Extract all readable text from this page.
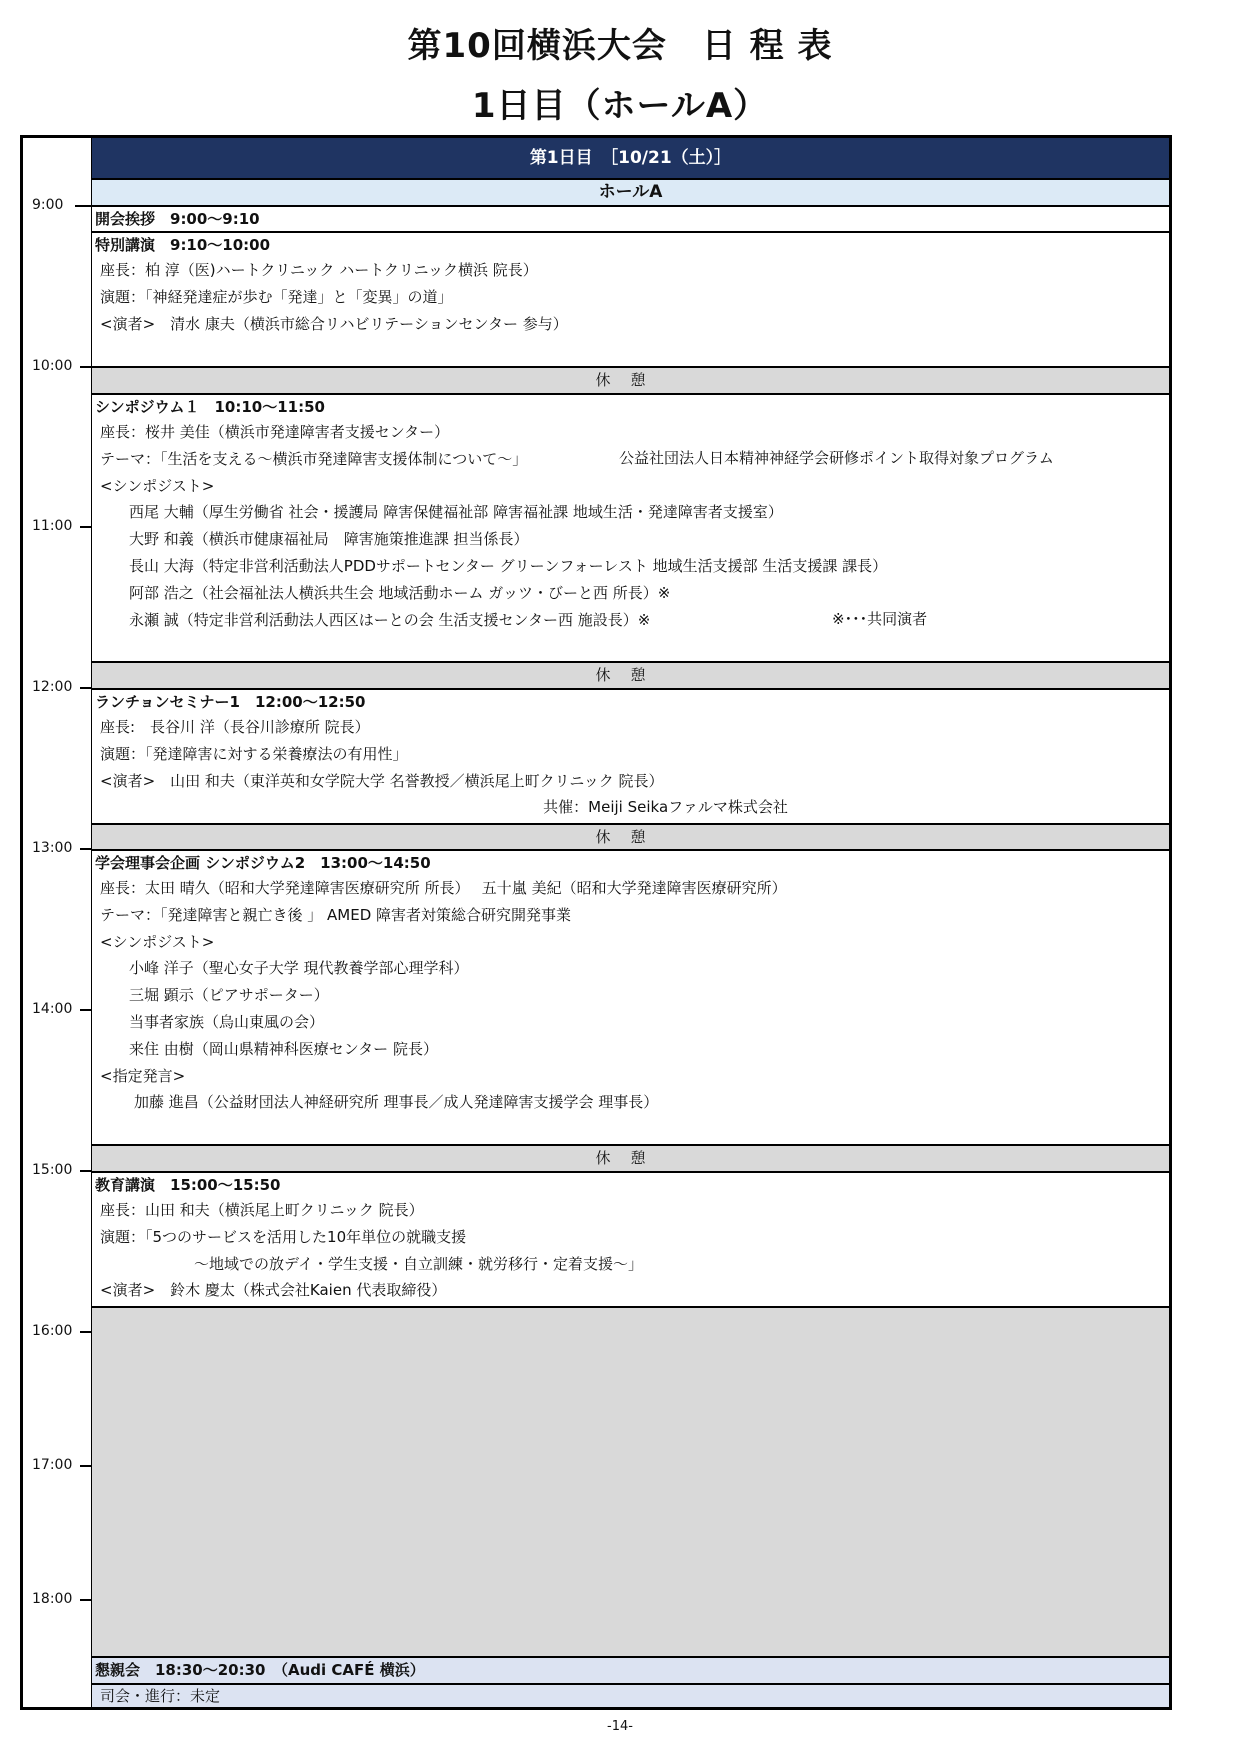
第10回横浜大会　日 程 表
1日目（ホールA）
9:00
10:00
11:00
12:00
13:00
14:00
15:00
16:00
17:00
18:00
第1日目　［10/21（土）］
ホールA
開会挨拶　9:00～9:10
特別講演　9:10～10:00
座長：柏 淳（医)ハートクリニック ハートクリニック横浜 院長）
演題：「神経発達症が歩む「発達」と「変異」の道」
<演者>　清水 康夫（横浜市総合リハビリテーションセンター 参与）
休憩
シンポジウム１　10:10～11:50
座長：桜井 美佳（横浜市発達障害者支援センター）
テーマ：「生活を支える～横浜市発達障害支援体制について～」
<シンポジスト>
西尾 大輔（厚生労働省 社会・援護局 障害保健福祉部 障害福祉課 地域生活・発達障害者支援室）
大野 和義（横浜市健康福祉局　障害施策推進課 担当係長）
長山 大海（特定非営利活動法人PDDサポートセンター グリーンフォーレスト 地域生活支援部 生活支援課 課長）
阿部 浩之（社会福祉法人横浜共生会 地域活動ホーム ガッツ・びーと西 所長）※
永瀬 誠（特定非営利活動法人西区はーとの会 生活支援センター西 施設長）※
公益社団法人日本精神神経学会研修ポイント取得対象プログラム
※･･･共同演者
休憩
ランチョンセミナー1　12:00～12:50
座長:　長谷川 洋（長谷川診療所 院長）
演題：「発達障害に対する栄養療法の有用性」
<演者>　山田 和夫（東洋英和女学院大学 名誉教授／横浜尾上町クリニック 院長）
共催：Meiji Seikaファルマ株式会社
休憩
学会理事会企画 シンポジウム2　13:00～14:50
座長：太田 晴久（昭和大学発達障害医療研究所 所長）　 五十嵐 美紀（昭和大学発達障害医療研究所）
テーマ：「発達障害と親亡き後 」 AMED 障害者対策総合研究開発事業
<シンポジスト>
小峰 洋子（聖心女子大学 現代教養学部心理学科）
三堀 顕示（ピアサポーター）
当事者家族（烏山東風の会）
来住 由樹（岡山県精神科医療センター 院長）
<指定発言>
加藤 進昌（公益財団法人神経研究所 理事長／成人発達障害支援学会 理事長）
休憩
教育講演　15:00～15:50
座長：山田 和夫（横浜尾上町クリニック 院長）
演題：「5つのサービスを活用した10年単位の就職支援
～地域での放デイ・学生支援・自立訓練・就労移行・定着支援～」
<演者>　鈴木 慶太（株式会社Kaien 代表取締役）
懇親会　18:30～20:30　（Audi CAFÉ 横浜）
司会・進行：未定
-14-
